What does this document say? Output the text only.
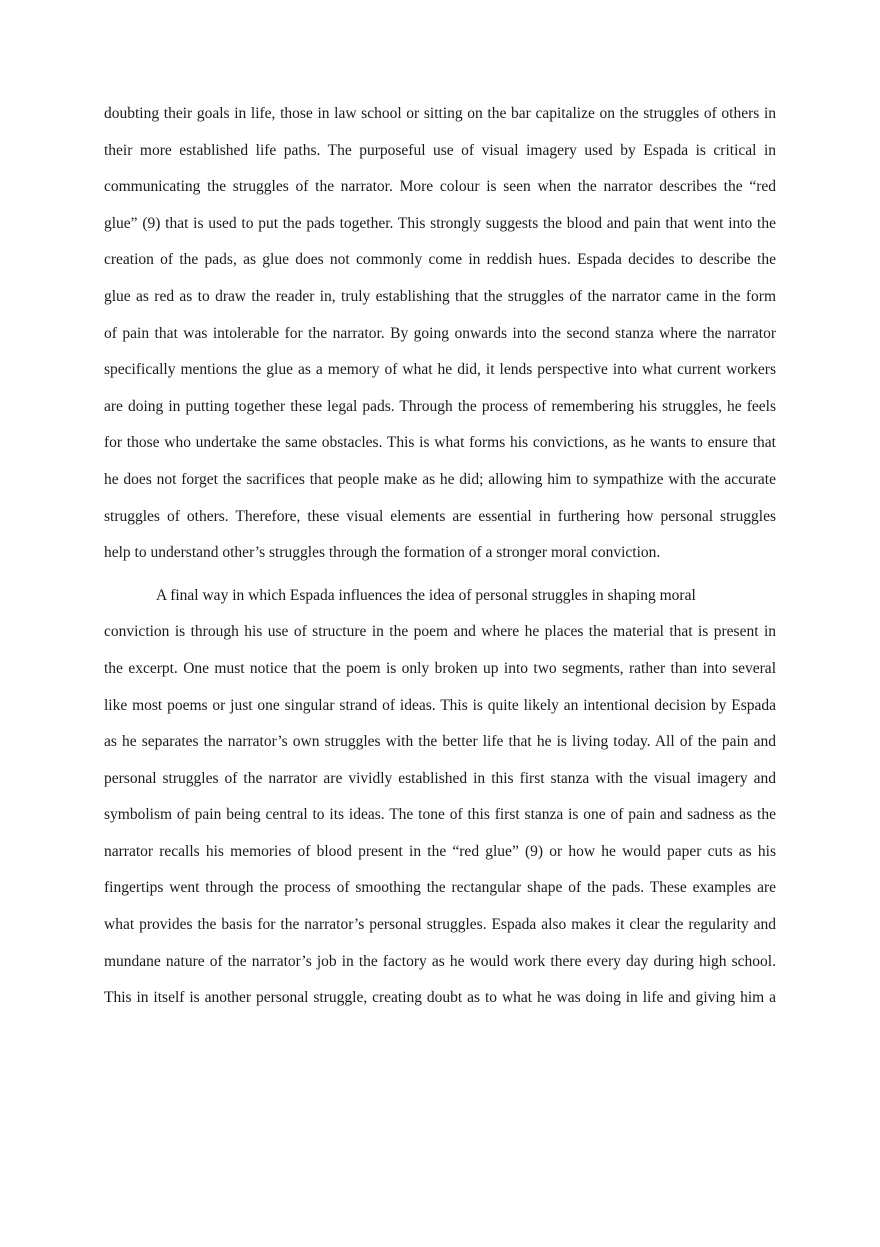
doubting their goals in life, those in law school or sitting on the bar capitalize on the struggles of others in
their more established life paths. The purposeful use of visual imagery used by Espada is critical in
communicating the struggles of the narrator. More colour is seen when the narrator describes the “red
glue” (9) that is used to put the pads together. This strongly suggests the blood and pain that went into the
creation of the pads, as glue does not commonly come in reddish hues. Espada decides to describe the
glue as red as to draw the reader in, truly establishing that the struggles of the narrator came in the form
of pain that was intolerable for the narrator. By going onwards into the second stanza where the narrator
specifically mentions the glue as a memory of what he did, it lends perspective into what current workers
are doing in putting together these legal pads. Through the process of remembering his struggles, he feels
for those who undertake the same obstacles. This is what forms his convictions, as he wants to ensure that
he does not forget the sacrifices that people make as he did; allowing him to sympathize with the accurate
struggles of others. Therefore, these visual elements are essential in furthering how personal struggles
help to understand other’s struggles through the formation of a stronger moral conviction.
A final way in which Espada influences the idea of personal struggles in shaping moral
conviction is through his use of structure in the poem and where he places the material that is present in
the excerpt. One must notice that the poem is only broken up into two segments, rather than into several
like most poems or just one singular strand of ideas. This is quite likely an intentional decision by Espada
as he separates the narrator’s own struggles with the better life that he is living today. All of the pain and
personal struggles of the narrator are vividly established in this first stanza with the visual imagery and
symbolism of pain being central to its ideas. The tone of this first stanza is one of pain and sadness as the
narrator recalls his memories of blood present in the “red glue” (9) or how he would paper cuts as his
fingertips went through the process of smoothing the rectangular shape of the pads. These examples are
what provides the basis for the narrator’s personal struggles. Espada also makes it clear the regularity and
mundane nature of the narrator’s job in the factory as he would work there every day during high school.
This in itself is another personal struggle, creating doubt as to what he was doing in life and giving him a
